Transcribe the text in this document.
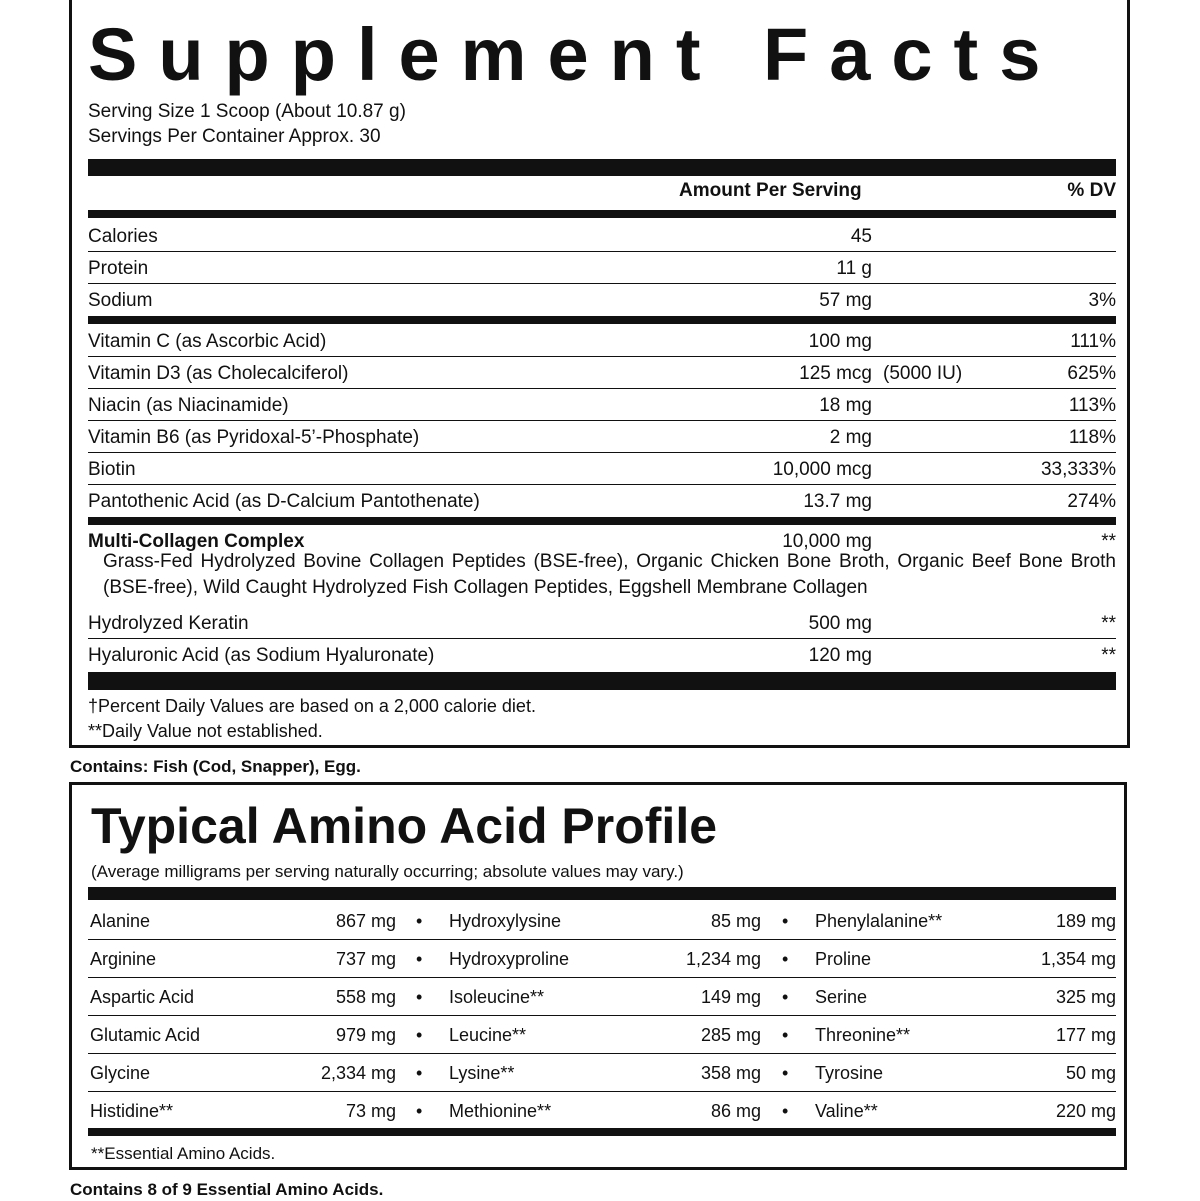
Supplement Facts
Serving Size 1 Scoop (About 10.87 g)
Servings Per Container Approx. 30
Amount Per Serving	% DV
Calories	45
Protein	11 g
Sodium	57 mg	3%
Vitamin C (as Ascorbic Acid)	100 mg	111%
Vitamin D3 (as Cholecalciferol)	125 mcg (5000 IU)	625%
Niacin (as Niacinamide)	18 mg	113%
Vitamin B6 (as Pyridoxal-5’-Phosphate)	2 mg	118%
Biotin	10,000 mcg	33,333%
Pantothenic Acid (as D-Calcium Pantothenate)	13.7 mg	274%
Multi-Collagen Complex	10,000 mg	**
Grass-Fed Hydrolyzed Bovine Collagen Peptides (BSE-free), Organic Chicken Bone Broth, Organic Beef Bone Broth (BSE-free), Wild Caught Hydrolyzed Fish Collagen Peptides, Eggshell Membrane Collagen
Hydrolyzed Keratin	500 mg	**
Hyaluronic Acid (as Sodium Hyaluronate)	120 mg	**
†Percent Daily Values are based on a 2,000 calorie diet.
**Daily Value not established.
Contains: Fish (Cod, Snapper), Egg.
Typical Amino Acid Profile
(Average milligrams per serving naturally occurring; absolute values may vary.)
Alanine	867 mg • Hydroxylysine	85 mg • Phenylalanine**	189 mg
Arginine	737 mg • Hydroxyproline	1,234 mg • Proline	1,354 mg
Aspartic Acid	558 mg • Isoleucine**	149 mg • Serine	325 mg
Glutamic Acid	979 mg • Leucine**	285 mg • Threonine**	177 mg
Glycine	2,334 mg • Lysine**	358 mg • Tyrosine	50 mg
Histidine**	73 mg • Methionine**	86 mg • Valine**	220 mg
**Essential Amino Acids.
Contains 8 of 9 Essential Amino Acids.
